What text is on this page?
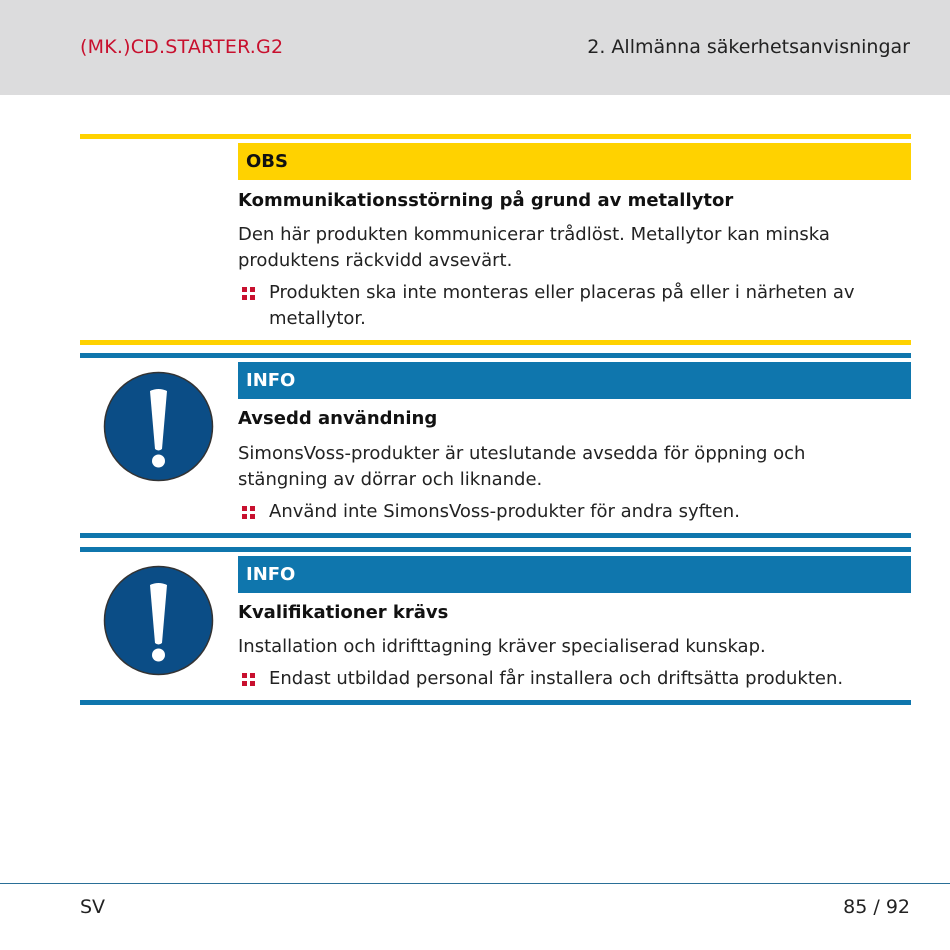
(MK.)CD.STARTER.G2	2. Allmänna säkerhetsanvisningar
OBS
Kommunikationsstörning på grund av metallytor
Den här produkten kommunicerar trådlöst. Metallytor kan minska produktens räckvidd avsevärt.
Produkten ska inte monteras eller placeras på eller i närheten av metallytor.
INFO
Avsedd användning
SimonsVoss-produkter är uteslutande avsedda för öppning och stängning av dörrar och liknande.
Använd inte SimonsVoss-produkter för andra syften.
INFO
Kvalifikationer krävs
Installation och idrifttagning kräver specialiserad kunskap.
Endast utbildad personal får installera och driftsätta produkten.
SV	85 / 92
